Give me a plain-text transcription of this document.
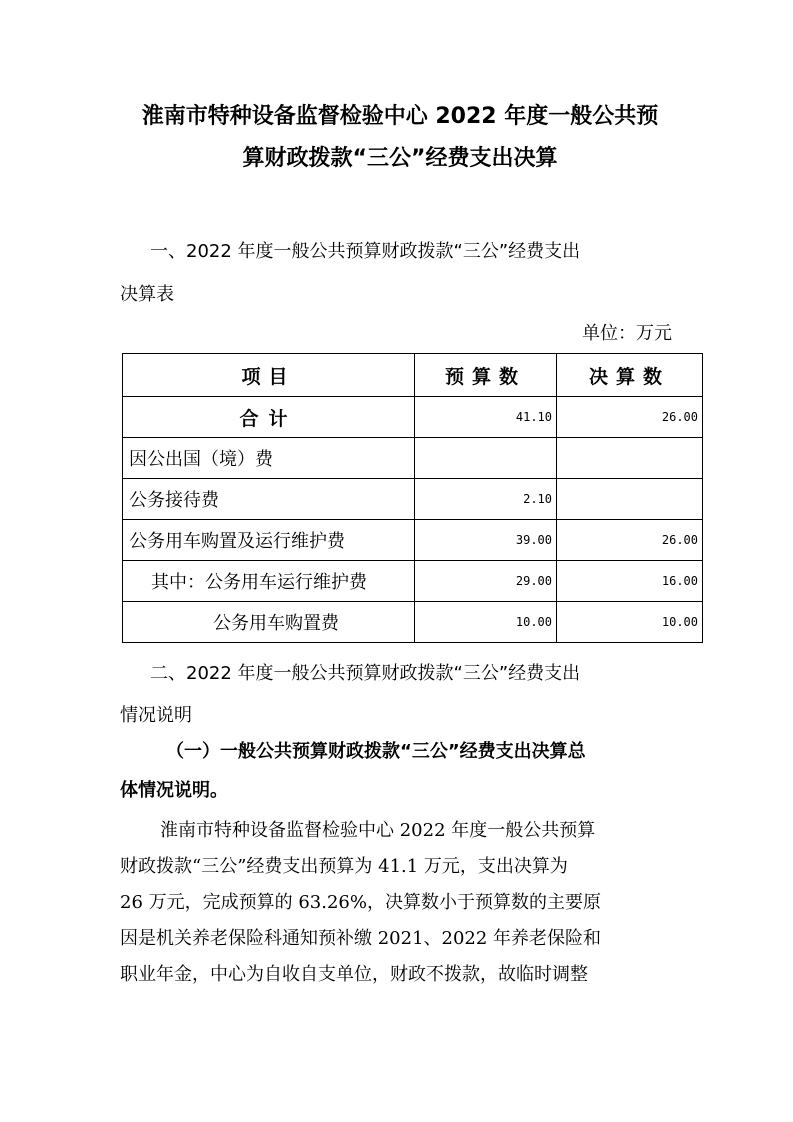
淮南市特种设备监督检验中心 2022 年度一般公共预
算财政拨款“三公”经费支出决算
一、2022 年度一般公共预算财政拨款“三公”经费支出
决算表
单位：万元
项目	预算数	决算数
合计	41.10	26.00
因公出国（境）费		
公务接待费	2.10	
公务用车购置及运行维护费	39.00	26.00
其中：公务用车运行维护费	29.00	16.00
公务用车购置费	10.00	10.00
二、2022 年度一般公共预算财政拨款“三公”经费支出
情况说明
（一）一般公共预算财政拨款“三公”经费支出决算总
体情况说明。
淮南市特种设备监督检验中心 2022 年度一般公共预算
财政拨款“三公”经费支出预算为 41.1 万元，支出决算为
26 万元，完成预算的 63.26%，决算数小于预算数的主要原
因是机关养老保险科通知预补缴 2021、2022 年养老保险和
职业年金，中心为自收自支单位，财政不拨款，故临时调整
